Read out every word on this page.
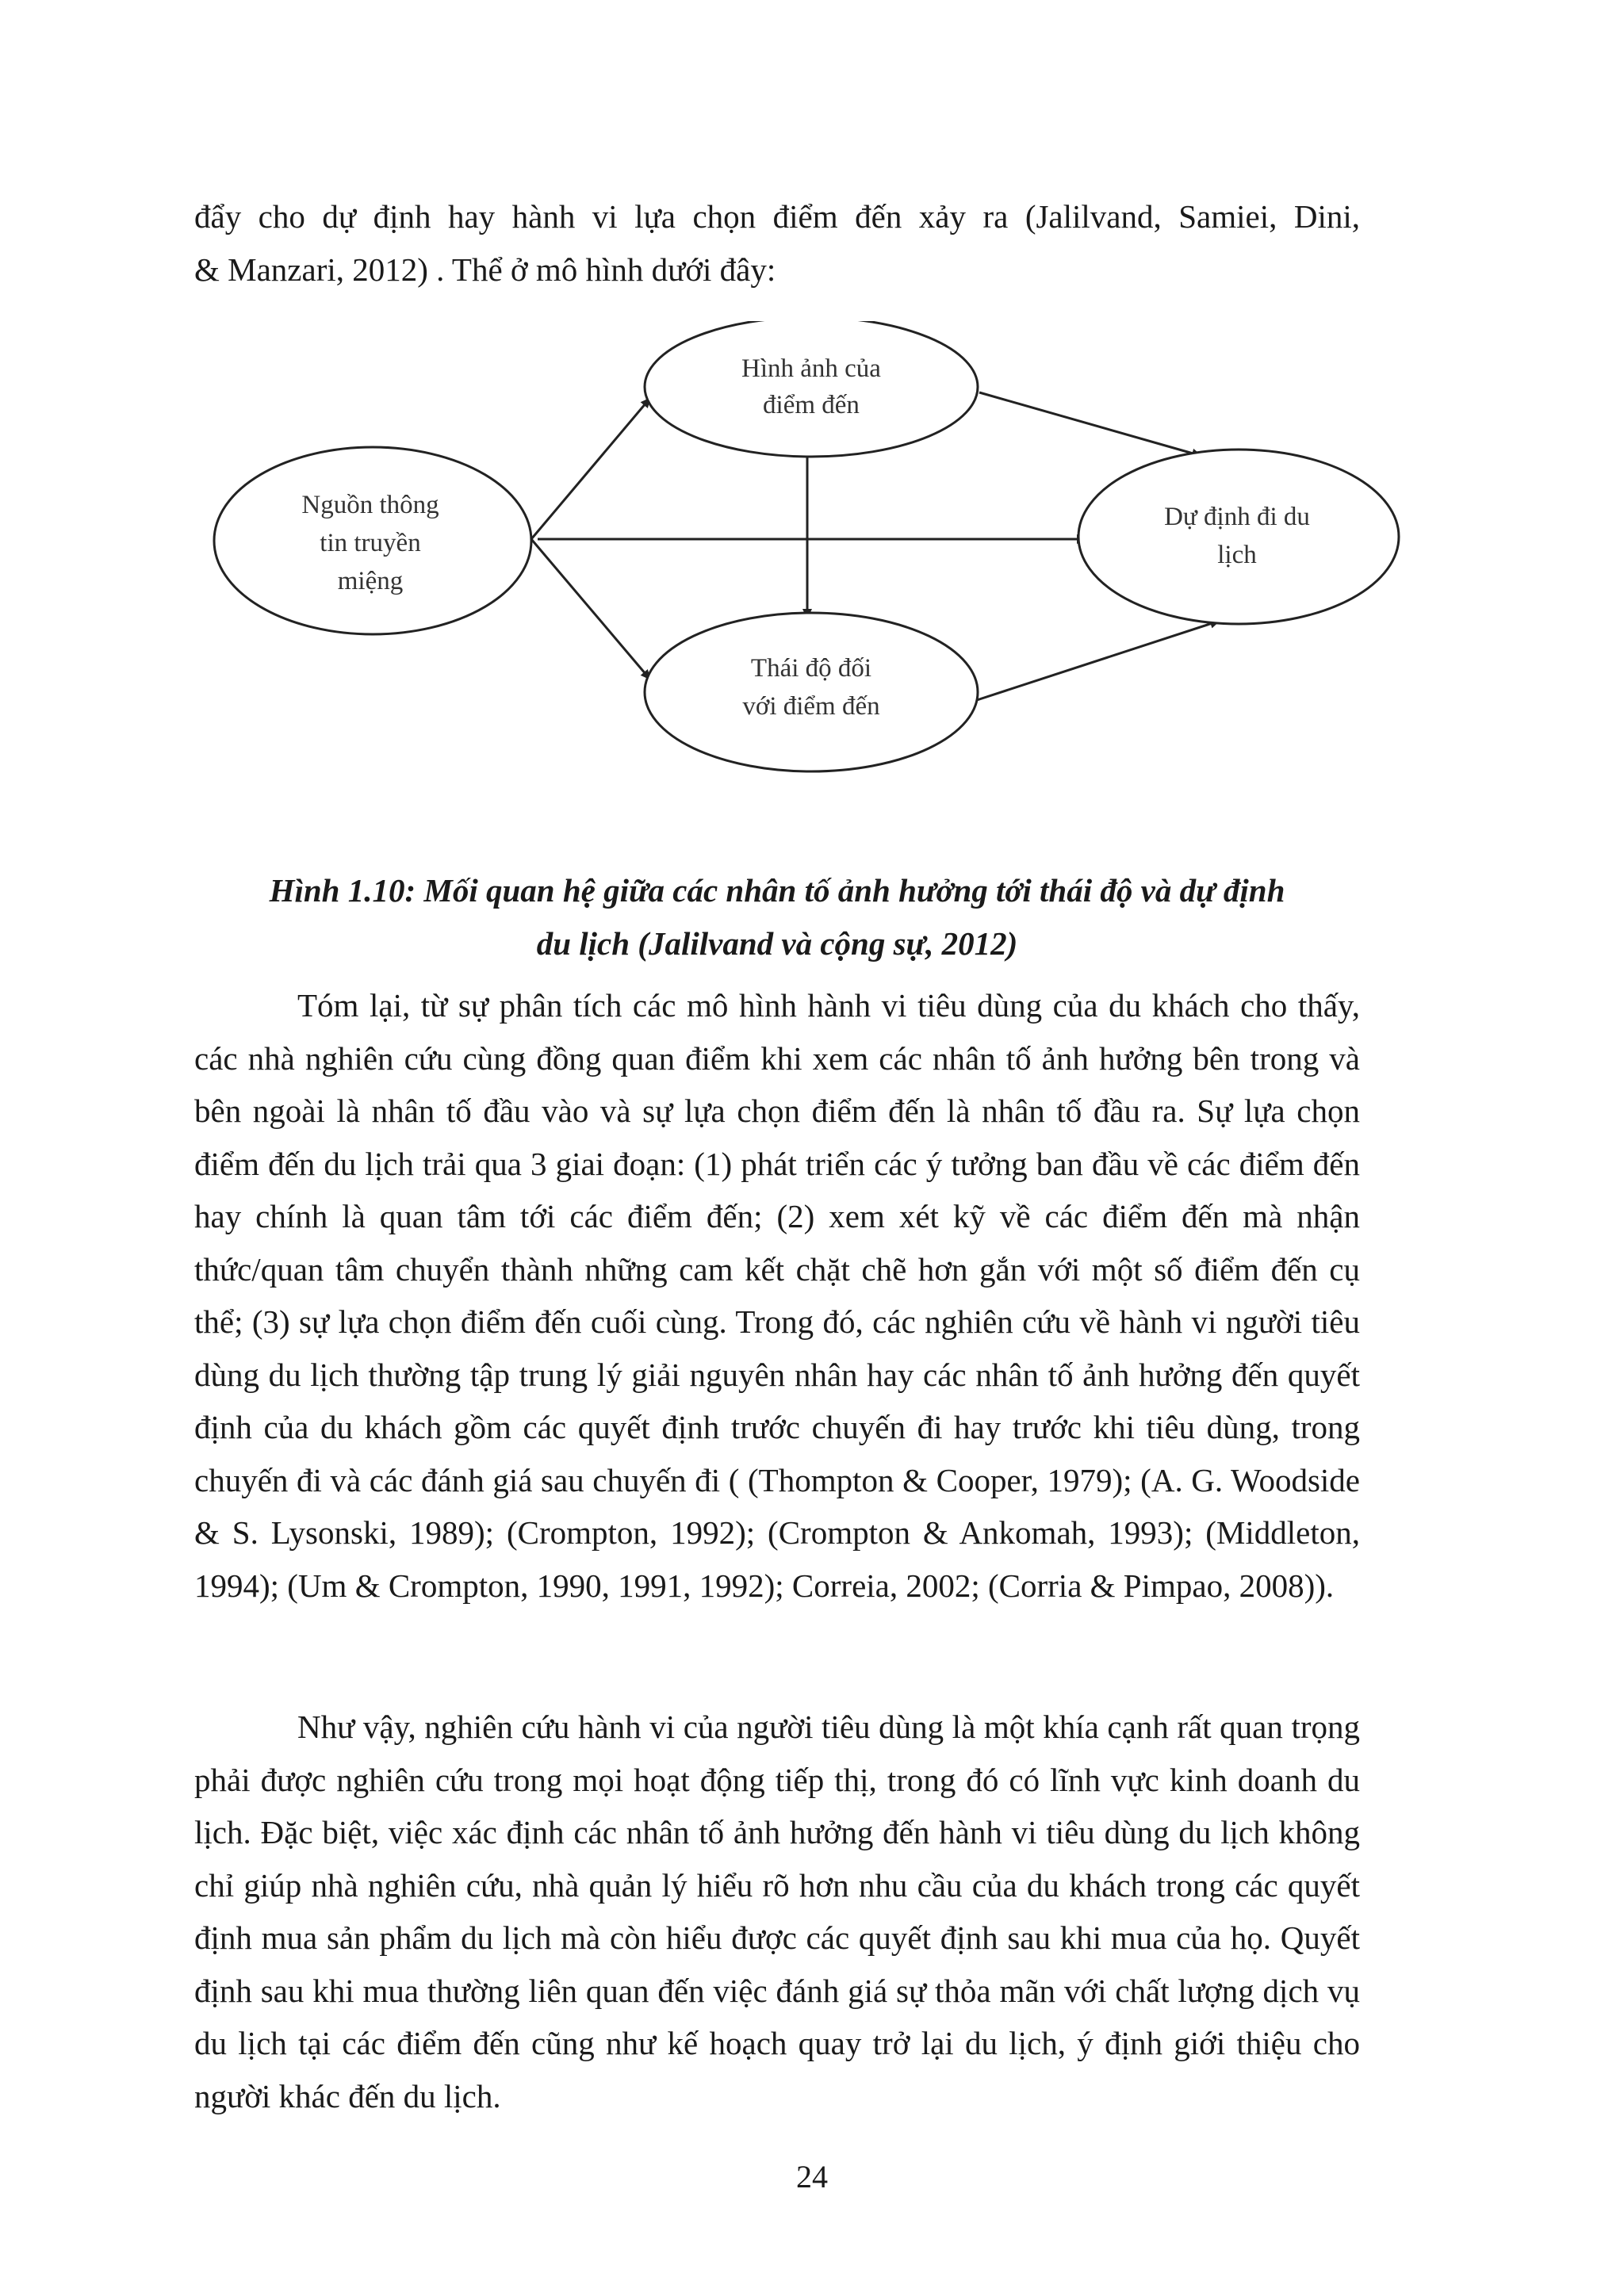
đẩy cho dự định hay hành vi lựa chọn điểm đến xảy ra (Jalilvand, Samiei, Dini,
& Manzari, 2012) . Thể ở mô hình dưới đây:
Nguồn thông
tin truyền
miệng
Hình ảnh của
điểm đến
Thái độ đối
với điểm đến
Dự định đi du
lịch
Hình 1.10: Mối quan hệ giữa các nhân tố ảnh hưởng tới thái độ và dự định
du lịch (Jalilvand và cộng sự, 2012)
Tóm lại, từ sự phân tích các mô hình hành vi tiêu dùng của du khách cho thấy, các nhà nghiên cứu cùng đồng quan điểm khi xem các nhân tố ảnh hưởng bên trong và bên ngoài là nhân tố đầu vào và sự lựa chọn điểm đến là nhân tố đầu ra. Sự lựa chọn điểm đến du lịch trải qua 3 giai đoạn: (1) phát triển các ý tưởng ban đầu về các điểm đến hay chính là quan tâm tới các điểm đến; (2) xem xét kỹ về các điểm đến mà nhận thức/quan tâm chuyển thành những cam kết chặt chẽ hơn gắn với một số điểm đến cụ thể; (3) sự lựa chọn điểm đến cuối cùng. Trong đó, các nghiên cứu về hành vi người tiêu dùng du lịch thường tập trung lý giải nguyên nhân hay các nhân tố ảnh hưởng đến quyết định của du khách gồm các quyết định trước chuyến đi hay trước khi tiêu dùng, trong chuyến đi và các đánh giá sau chuyến đi ( (Thompton & Cooper, 1979); (A. G. Woodside & S. Lysonski, 1989); (Crompton, 1992); (Crompton & Ankomah, 1993); (Middleton, 1994); (Um & Crompton, 1990, 1991, 1992); Correia, 2002; (Corria & Pimpao, 2008)).
Như vậy, nghiên cứu hành vi của người tiêu dùng là một khía cạnh rất quan trọng phải được nghiên cứu trong mọi hoạt động tiếp thị, trong đó có lĩnh vực kinh doanh du lịch. Đặc biệt, việc xác định các nhân tố ảnh hưởng đến hành vi tiêu dùng du lịch không chỉ giúp nhà nghiên cứu, nhà quản lý hiểu rõ hơn nhu cầu của du khách trong các quyết định mua sản phẩm du lịch mà còn hiểu được các quyết định sau khi mua của họ. Quyết định sau khi mua thường liên quan đến việc đánh giá sự thỏa mãn với chất lượng dịch vụ du lịch tại các điểm đến cũng như kế hoạch quay trở lại du lịch, ý định giới thiệu cho người khác đến du lịch.
24
